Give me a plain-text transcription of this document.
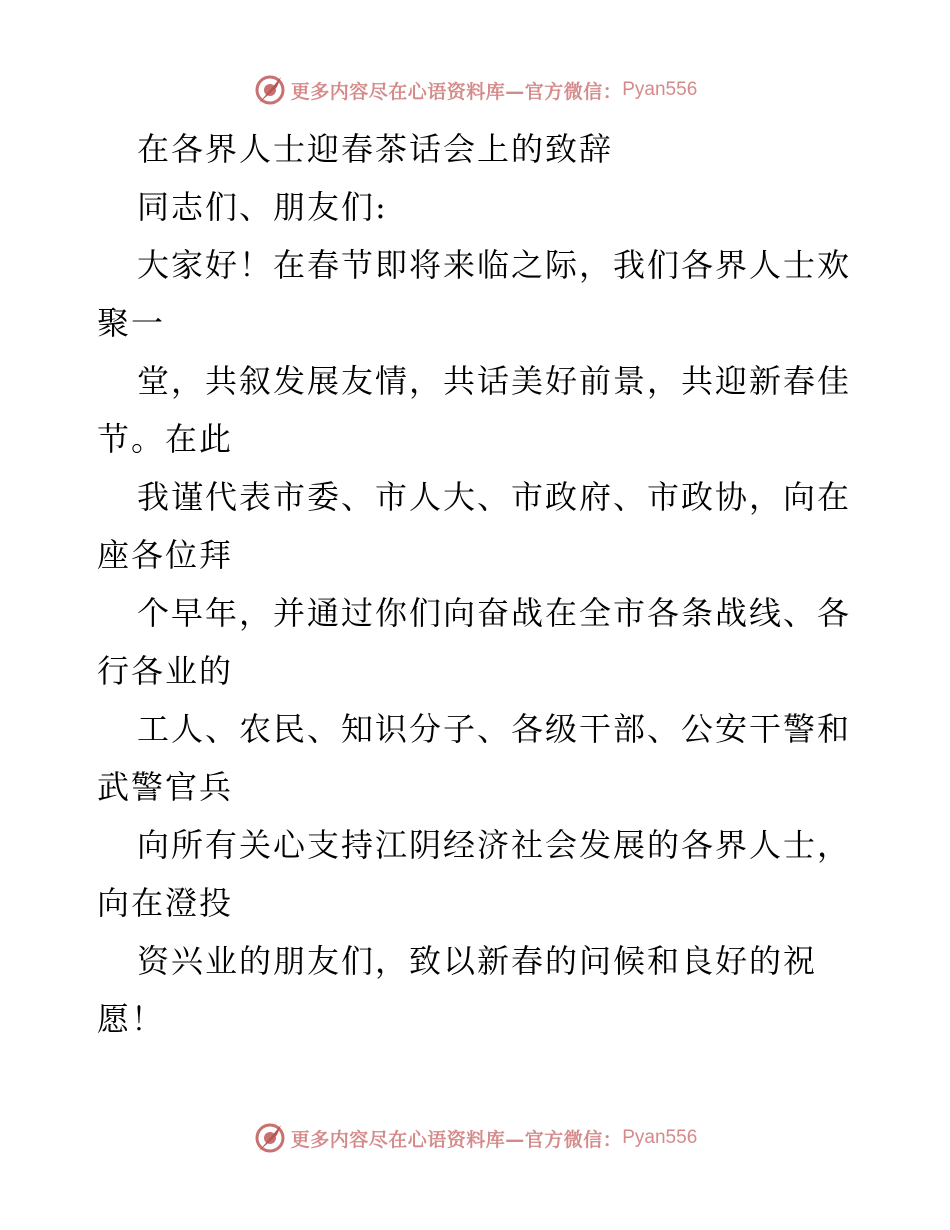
更多内容尽在心语资料库—官方微信： Pyan556
在各界人士迎春茶话会上的致辞
同志们、朋友们:
大家好！在春节即将来临之际，我们各界人士欢
聚一
堂，共叙发展友情，共话美好前景，共迎新春佳
节。在此
我谨代表市委、市人大、市政府、市政协，向在
座各位拜
个早年，并通过你们向奋战在全市各条战线、各
行各业的
工人、农民、知识分子、各级干部、公安干警和
武警官兵
向所有关心支持江阴经济社会发展的各界人士，
向在澄投
资兴业的朋友们，致以新春的问候和良好的祝
愿！
更多内容尽在心语资料库—官方微信： Pyan556
